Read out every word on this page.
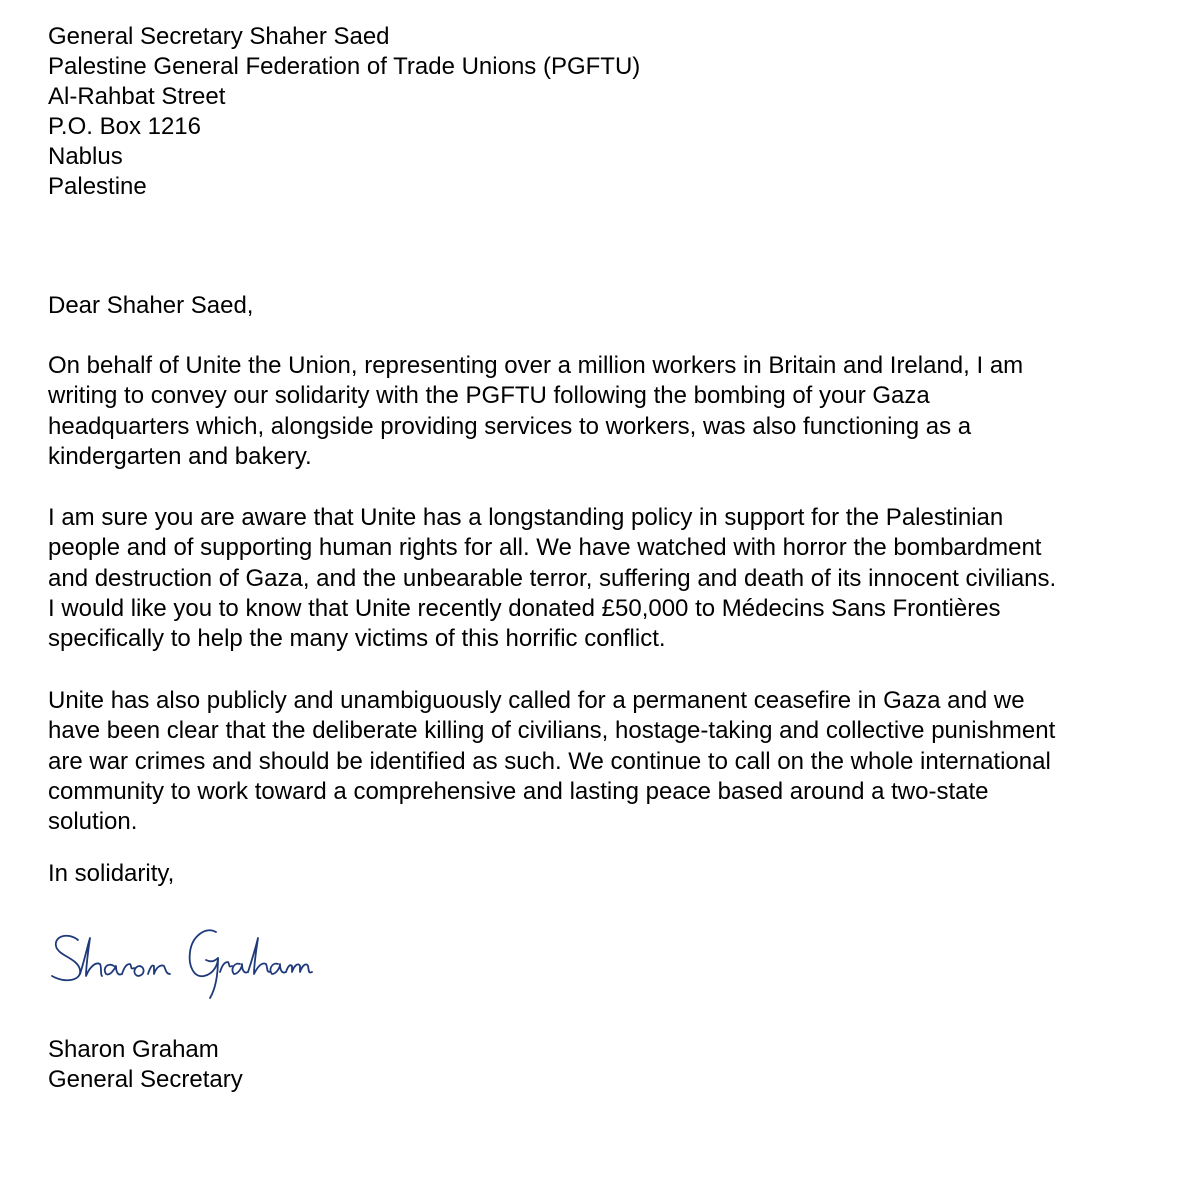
General Secretary Shaher Saed
Palestine General Federation of Trade Unions (PGFTU)
Al-Rahbat Street
P.O. Box 1216
Nablus
Palestine
Dear Shaher Saed,
On behalf of Unite the Union, representing over a million workers in Britain and Ireland, I am
writing to convey our solidarity with the PGFTU following the bombing of your Gaza
headquarters which, alongside providing services to workers, was also functioning as a
kindergarten and bakery.
I am sure you are aware that Unite has a longstanding policy in support for the Palestinian
people and of supporting human rights for all. We have watched with horror the bombardment
and destruction of Gaza, and the unbearable terror, suffering and death of its innocent civilians.
I would like you to know that Unite recently donated £50,000 to Médecins Sans Frontières
specifically to help the many victims of this horrific conflict.
Unite has also publicly and unambiguously called for a permanent ceasefire in Gaza and we
have been clear that the deliberate killing of civilians, hostage-taking and collective punishment
are war crimes and should be identified as such. We continue to call on the whole international
community to work toward a comprehensive and lasting peace based around a two-state
solution.
In solidarity,
Sharon Graham
General Secretary
